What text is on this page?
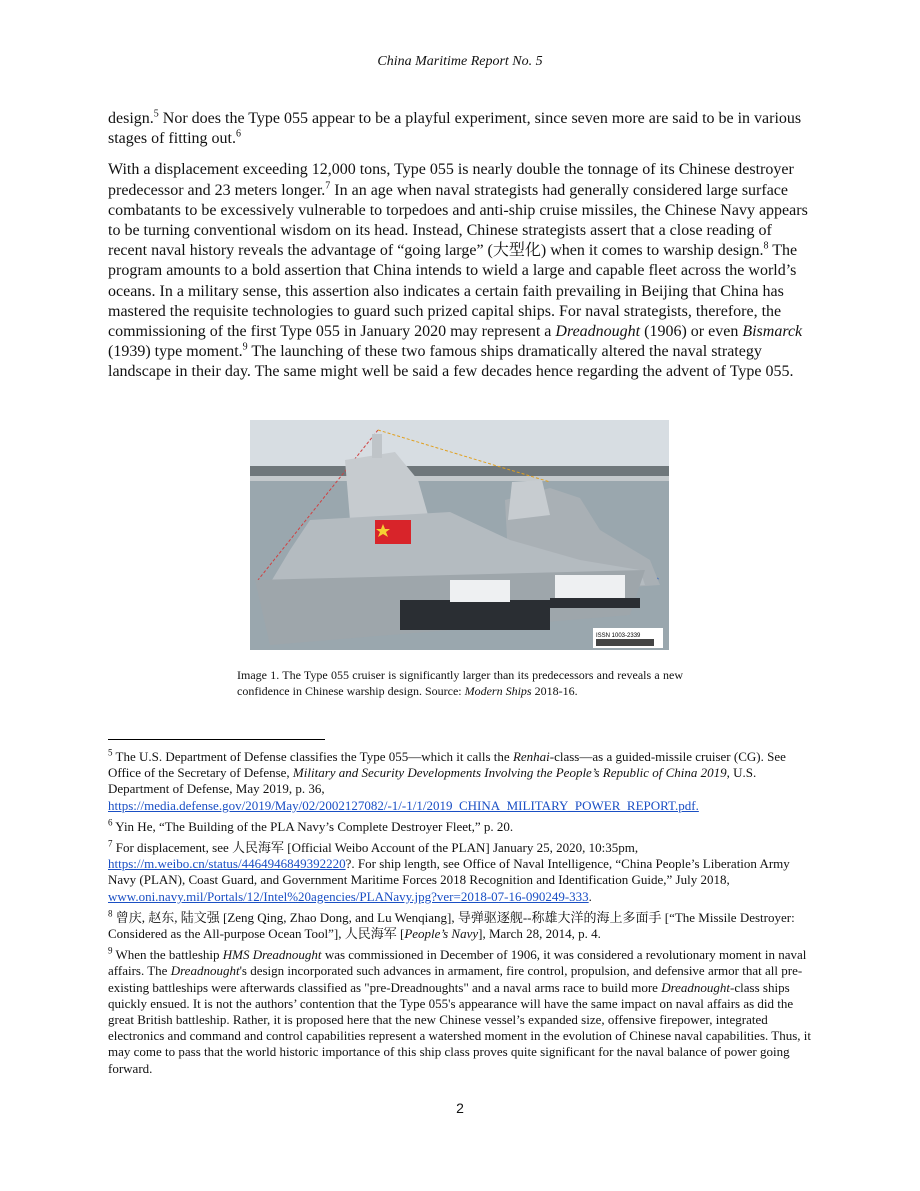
China Maritime Report No. 5

design.$^5$ Nor does the Type 055 appear to be a playful experiment, since seven more are said to be in various stages of fitting out.$^6$

With a displacement exceeding 12,000 tons, Type 055 is nearly double the tonnage of its Chinese destroyer predecessor and 23 meters longer.$^7$ In an age when naval strategists had generally considered large surface combatants to be excessively vulnerable to torpedoes and anti-ship cruise missiles, the Chinese Navy appears to be turning conventional wisdom on its head. Instead, Chinese strategists assert that a close reading of recent naval history reveals the advantage of “going large” (大型化) when it comes to warship design.$^8$ The program amounts to a bold assertion that China intends to wield a large and capable fleet across the world’s oceans. In a military sense, this assertion also indicates a certain faith prevailing in Beijing that China has mastered the requisite technologies to guard such prized capital ships. For naval strategists, therefore, the commissioning of the first Type 055 in January 2020 may represent a Dreadnought (1906) or even Bismarck (1939) type moment.$^9$ The launching of these two famous ships dramatically altered the naval strategy landscape in their day. The same might well be said a few decades hence regarding the advent of Type 055.

ISSN 1003-2339
Image 1. The Type 055 cruiser is significantly larger than its predecessors and reveals a new confidence in Chinese warship design. Source: Modern Ships 2018-16.
$^5$ The U.S. Department of Defense classifies the Type 055—which it calls the Renhai-class—as a guided-missile cruiser (CG). See Office of the Secretary of Defense, Military and Security Developments Involving the People’s Republic of China 2019, U.S. Department of Defense, May 2019, p. 36, https://media.defense.gov/2019/May/02/2002127082/-1/-1/1/2019_CHINA_MILITARY_POWER_REPORT.pdf.
$^6$ Yin He, “The Building of the PLA Navy’s Complete Destroyer Fleet,” p. 20.
$^7$ For displacement, see 人民海军 [Official Weibo Account of the PLAN] January 25, 2020, 10:35pm, https://m.weibo.cn/status/4464946849392220?. For ship length, see Office of Naval Intelligence, “China People’s Liberation Army Navy (PLAN), Coast Guard, and Government Maritime Forces 2018 Recognition and Identification Guide,” July 2018, www.oni.navy.mil/Portals/12/Intel%20agencies/PLANavy.jpg?ver=2018-07-16-090249-333.
$^8$ 曾庆, 赵东, 陆文强 [Zeng Qing, Zhao Dong, and Lu Wenqiang], 导弹驱逐舰--称雄大洋的海上多面手 [“The Missile Destroyer: Considered as the All-purpose Ocean Tool”], 人民海军 [People’s Navy], March 28, 2014, p. 4.
$^9$ When the battleship HMS Dreadnought was commissioned in December of 1906, it was considered a revolutionary moment in naval affairs. The Dreadnought's design incorporated such advances in armament, fire control, propulsion, and defensive armor that all pre-existing battleships were afterwards classified as "pre-Dreadnoughts" and a naval arms race to build more Dreadnought-class ships quickly ensued. It is not the authors’ contention that the Type 055's appearance will have the same impact on naval affairs as did the great British battleship. Rather, it is proposed here that the new Chinese vessel’s expanded size, offensive firepower, integrated electronics and command and control capabilities represent a watershed moment in the evolution of Chinese naval capabilities. Thus, it may come to pass that the world historic importance of this ship class proves quite significant for the naval balance of power going forward.
2
